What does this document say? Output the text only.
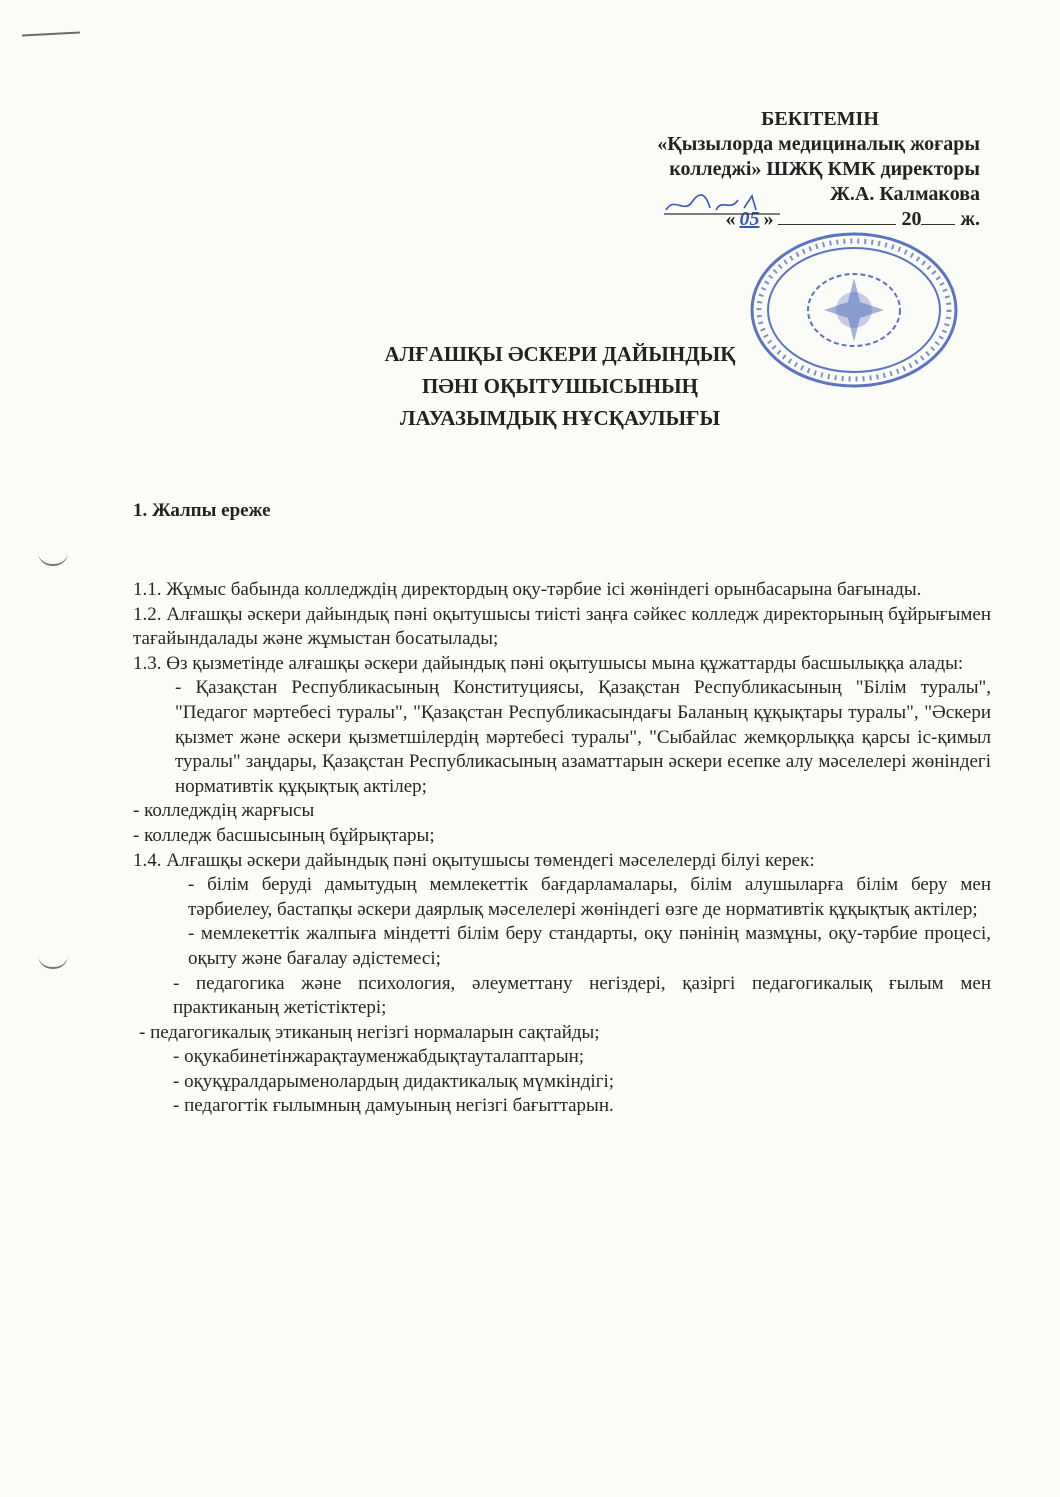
БЕКІТЕМІН
«Қызылорда медициналық жоғары
колледжі» ШЖҚ КМК директоры
Ж.А. Калмакова
« 05 »	20 ж.
АЛҒАШҚЫ ӘСКЕРИ ДАЙЫНДЫҚ
ПӘНІ ОҚЫТУШЫСЫНЫҢ
ЛАУАЗЫМДЫҚ НҰСҚАУЛЫҒЫ
1. Жалпы ереже

1.1. Жұмыс бабында колледждің директордың оқу-тәрбие ісі жөніндегі орынбасарына бағынады.

1.2. Алғашқы әскери дайындық пәні оқытушысы тиісті заңға сәйкес колледж директорының бұйрығымен тағайындалады және жұмыстан босатылады;

1.3. Өз қызметінде алғашқы әскери дайындық пәні оқытушысы мына құжаттарды басшылыққа алады:

- Қазақстан Республикасының Конституциясы, Қазақстан Республикасының "Білім туралы", "Педагог мәртебесі туралы", "Қазақстан Республикасындағы Баланың құқықтары туралы", "Әскери қызмет және әскери қызметшілердің мәртебесі туралы", "Сыбайлас жемқорлыққа қарсы іс-қимыл туралы" заңдары, Қазақстан Республикасының азаматтарын әскери есепке алу мәселелері жөніндегі нормативтік құқықтық актілер;

- колледждің жарғысы

- колледж басшысының бұйрықтары;

1.4. Алғашқы әскери дайындық пәні оқытушысы төмендегі мәселелерді білуі керек:

- білім беруді дамытудың мемлекеттік бағдарламалары, білім алушыларға білім беру мен тәрбиелеу, бастапқы әскери даярлық мәселелері жөніндегі өзге де нормативтік құқықтық актілер;

- мемлекеттік жалпыға міндетті білім беру стандарты, оқу пәнінің мазмұны, оқу-тәрбие процесі, оқыту және бағалау әдістемесі;

- педагогика және психология, әлеуметтану негіздері, қазіргі педагогикалық ғылым мен практиканың жетістіктері;

- педагогикалық этиканың негізгі нормаларын сақтайды;

- оқукабинетінжарақтауменжабдықтауталаптарын;

- оқуқұралдарыменолардың дидактикалық мүмкіндігі;

- педагогтік ғылымның дамуының негізгі бағыттарын.
